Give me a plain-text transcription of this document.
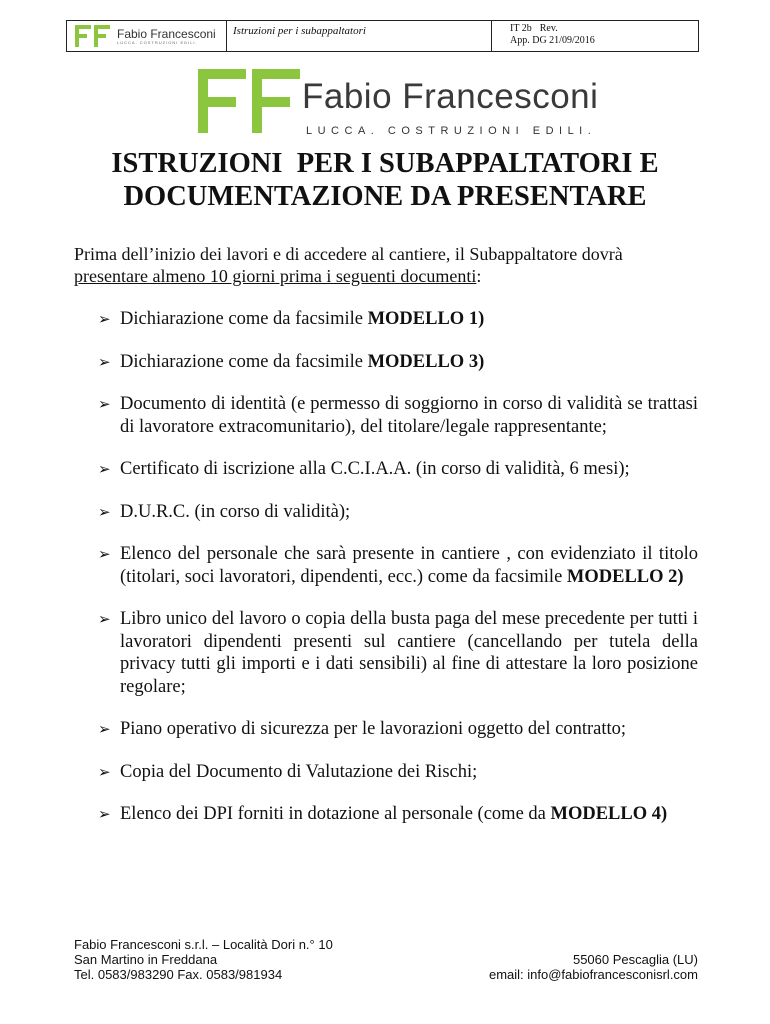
Fabio Francesconi
LUCCA. COSTRUZIONI EDILI.
Istruzioni per i subappaltatori	IT 2b Rev.
App. DG 21/09/2016
Fabio Francesconi
LUCCA. COSTRUZIONI EDILI.
ISTRUZIONI  PER I SUBAPPALTATORI E
DOCUMENTAZIONE DA PRESENTARE
Prima dell’inizio dei lavori e di accedere al cantiere, il Subappaltatore dovrà presentare almeno 10 giorni prima i seguenti documenti:
➢ Dichiarazione come da facsimile MODELLO 1)
➢ Dichiarazione come da facsimile MODELLO 3)
➢ Documento di identità (e permesso di soggiorno in corso di validità se trattasi di lavoratore extracomunitario), del titolare/legale rappresentante;
➢ Certificato di iscrizione alla C.C.I.A.A. (in corso di validità, 6 mesi);
➢ D.U.R.C. (in corso di validità);
➢ Elenco del personale che sarà presente in cantiere , con evidenziato il titolo (titolari, soci lavoratori, dipendenti, ecc.) come da facsimile MODELLO 2)
➢ Libro unico del lavoro o copia della busta paga del mese precedente per tutti i lavoratori dipendenti presenti sul cantiere (cancellando per tutela della privacy tutti gli importi e i dati sensibili) al fine di attestare la loro posizione regolare;
➢ Piano operativo di sicurezza per le lavorazioni oggetto del contratto;
➢ Copia del Documento di Valutazione dei Rischi;
➢ Elenco dei DPI forniti in dotazione al personale (come da MODELLO 4)
Fabio Francesconi s.r.l. – Località Dori n.° 10
San Martino in Freddana	55060 Pescaglia (LU)
Tel. 0583/983290 Fax. 0583/981934	email: info@fabiofrancesconisrl.com
